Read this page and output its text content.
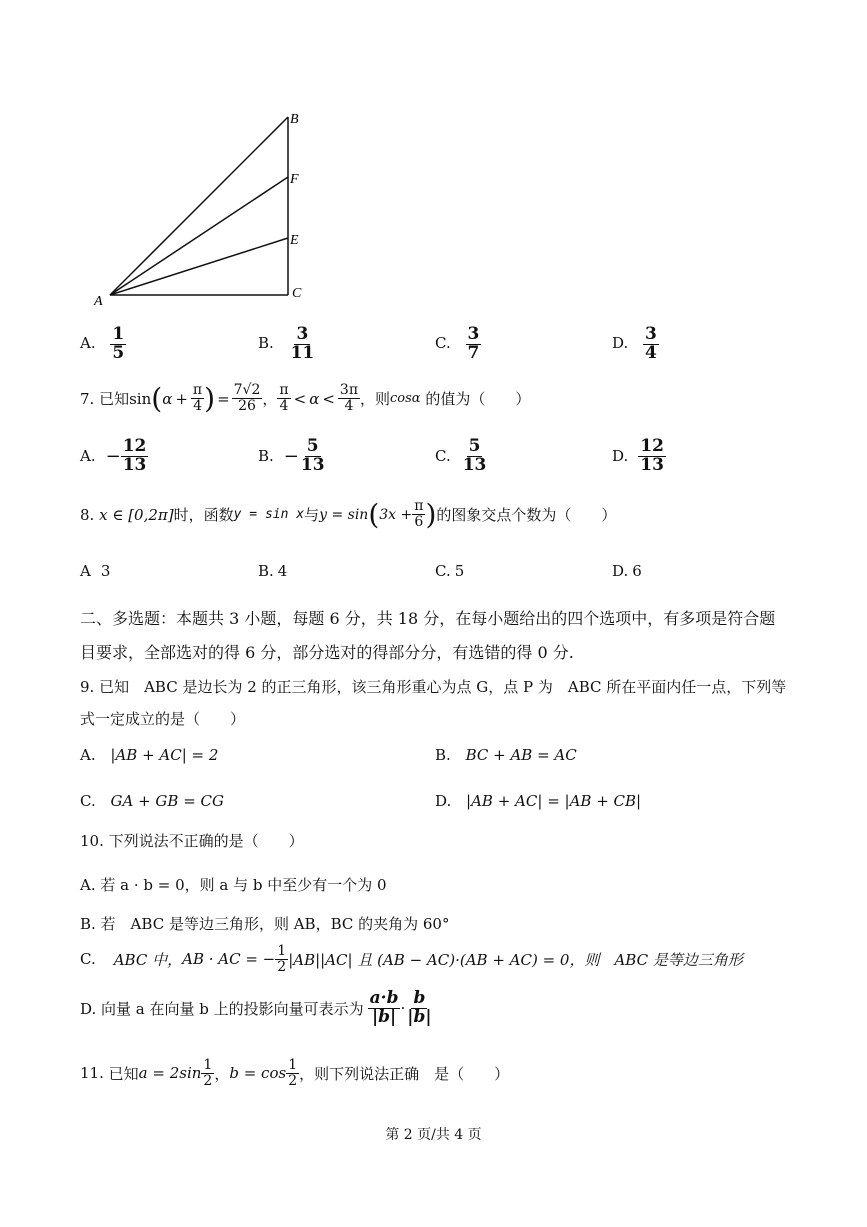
B
F
E
C
A
A. $\frac{1}{5}$	B. $\frac{3}{11}$	C. $\frac{3}{7}$	D. $\frac{3}{4}$
7.
已知 sin ( $\alpha + \frac{\pi}{4}$ ) = $\frac{7√2}{26}$ ， $\frac{\pi}{4} < \alpha < \frac{3\pi}{4}$ ，则 cosα
的值为（　　）
A. − $\frac{12}{13}$	B. − $\frac{5}{13}$	C. $\frac{5}{13}$	D. $\frac{12}{13}$
8.
x ∈ [0,2π] 时，函数 y = sin x 与 y = sin ( $3x + \frac{\pi}{6}$ ) 的图象交点个数为（　　）
A 3	B. 4	C. 5	D. 6
二、多选题：本题共 3 小题，每题 6 分，共 18 分，在每小题给出的四个选项中，有多项是符合题目要求，全部选对的得 6 分，部分选对的得部分分，有选错的得 0 分.
9. 已知　ABC 是边长为 2 的正三角形，该三角形重心为点 G，点 P 为　ABC 所在平面内任一点，下列等
式一定成立的是（　　）
A. |AB + AC| = 2	B. BC + AB = AC
C. GA + GB = CG	D. |AB + AC| = |AB + CB|
10. 下列说法不正确的是（　　）
A. 若 a · b = 0，则 a 与 b 中至少有一个为 0
B. 若　ABC 是等边三角形，则 AB，BC 的夹角为 60°
C. ABC 中， AB · AC = − $\frac{1}{2} |AB||AC|$ 且 (AB − AC)·(AB + AC) = 0，则　ABC 是等边三角形
D. 向量 a 在向量 b 上的投影向量可表示为 $\frac{a\cdot b}{|b|} \cdot \frac{b}{|b|}$
11.
已知 $a = 2\sin \frac{1}{2}$ ， $b = \cos \frac{1}{2}$ ，则下列说法正确　是（　　）
第 2 页/共 4 页
